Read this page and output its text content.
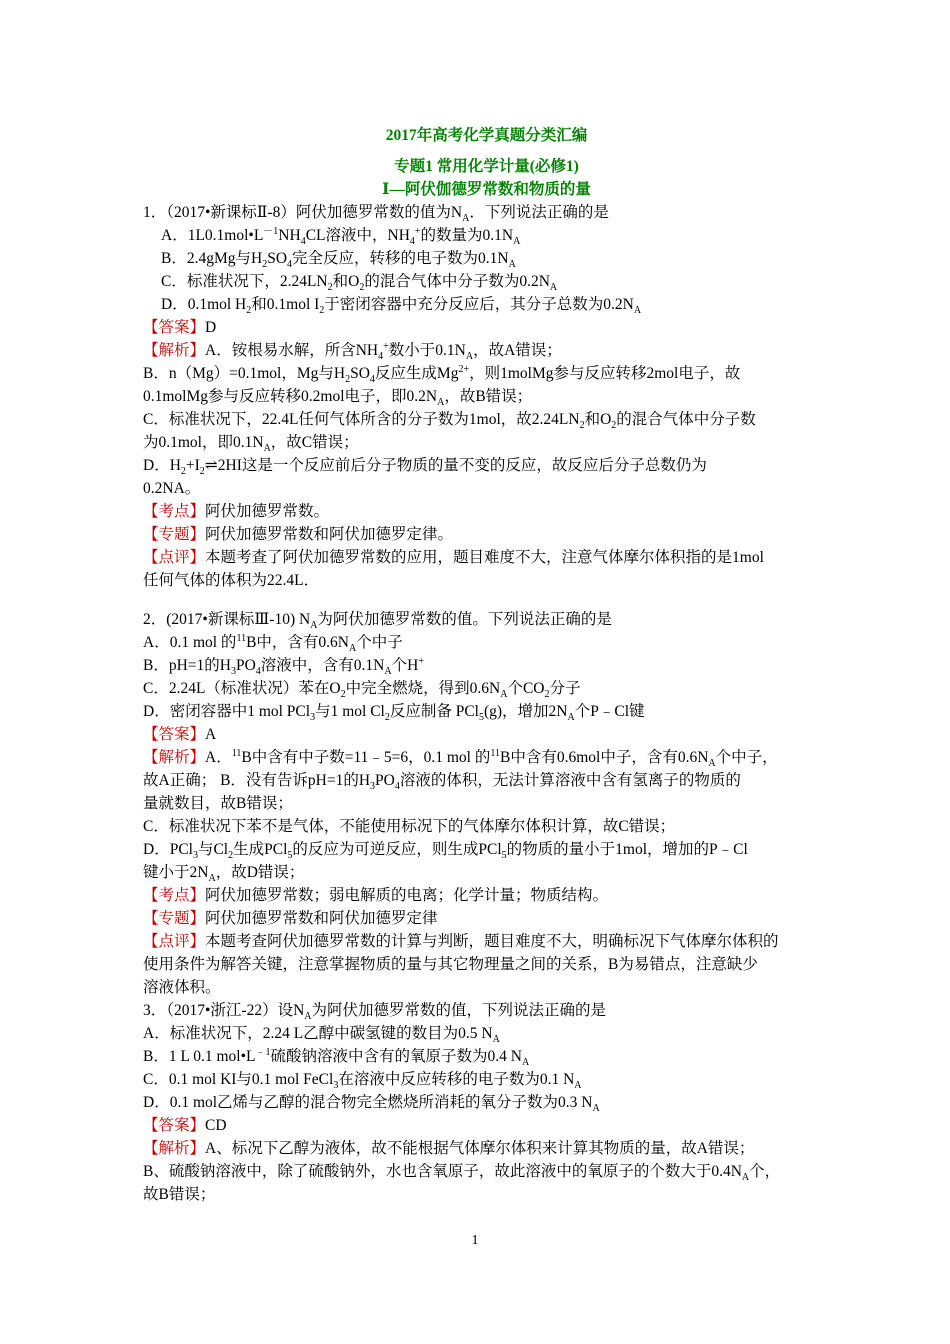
2017年高考化学真题分类汇编
专题1 常用化学计量(必修1)
Ⅰ—阿伏伽德罗常数和物质的量
1．（2017•新课标Ⅱ-8）阿伏加德罗常数的值为$N_A$．下列说法正确的是
A．$1L0.1mol•L^{-1}NH_4CL$溶液中，$NH_4^+$的数量为$0.1N_A$
B．2.4gMg与$H_2SO_4$完全反应，转移的电子数为$0.1N_A$
C．标准状况下，$2.24LN_2$和$O_2$的混合气体中分子数为$0.2N_A$
D．0.1mol $H_2$和0.1mol $I_2$于密闭容器中充分反应后，其分子总数为$0.2N_A$
【答案】D
【解析】A．铵根易水解，所含$NH_4^+$数小于$0.1N_A$，故A错误；
B．n（Mg）=0.1mol，Mg与$H_2SO_4$反应生成$Mg^{2+}$，则1molMg参与反应转移2mol电子，故
0.1molMg参与反应转移0.2mol电子，即$0.2N_A$，故B错误；
C．标准状况下，22.4L任何气体所含的分子数为1mol，故$2.24LN_2$和$O_2$的混合气体中分子数
为0.1mol，即$0.1N_A$，故C错误；
D．$H_2+I_2\rightleftharpoons 2HI$这是一个反应前后分子物质的量不变的反应，故反应后分子总数仍为
0.2NA。
【考点】阿伏加德罗常数。
【专题】阿伏加德罗常数和阿伏加德罗定律。
【点评】本题考查了阿伏加德罗常数的应用，题目难度不大，注意气体摩尔体积指的是1mol
任何气体的体积为22.4L．
2．(2017•新课标Ⅲ-10) $N_A$为阿伏加德罗常数的值。下列说法正确的是
A．0.1 mol 的$^{11}$B中，含有$0.6N_A$个中子
B．pH=1的$H_3PO_4$溶液中，含有$0.1N_A$个H+
C．2.24L（标准状况）苯在$O_2$中完全燃烧，得到$0.6N_A$个$CO_2$分子
D．密闭容器中1 mol PCl$_3$与1 mol $Cl_2$反应制备 PCl$_5$(g)，增加$2N_A$个P﹣Cl键
【答案】A
【解析】A．$^{11}$B中含有中子数=11﹣5=6，0.1 mol 的$^{11}$B中含有0.6mol中子，含有$0.6N_A$个中子，
故A正确； B．没有告诉pH=1的$H_3PO_4$溶液的体积，无法计算溶液中含有氢离子的物质的
量就数目，故B错误；
C．标准状况下苯不是气体，不能使用标况下的气体摩尔体积计算，故C错误；
D．PCl$_3$与$Cl_2$生成PCl$_5$的反应为可逆反应，则生成PCl$_5$的物质的量小于1mol，增加的P﹣Cl
键小于$2N_A$，故D错误；
【考点】阿伏加德罗常数；弱电解质的电离；化学计量；物质结构。
【专题】阿伏加德罗常数和阿伏加德罗定律
【点评】本题考查阿伏加德罗常数的计算与判断，题目难度不大，明确标况下气体摩尔体积的
使用条件为解答关键，注意掌握物质的量与其它物理量之间的关系，B为易错点，注意缺少
溶液体积。
3．（2017•浙江-22）设$N_A$为阿伏加德罗常数的值，下列说法正确的是
A．标准状况下，2.24 L乙醇中碳氢键的数目为0.5 $N_A$
B．1 L 0.1 $mol•L^{﹣1}$硫酸钠溶液中含有的氧原子数为0.4 $N_A$
C．0.1 mol KI与0.1 mol FeCl$_3$在溶液中反应转移的电子数为0.1 $N_A$
D．0.1 mol乙烯与乙醇的混合物完全燃烧所消耗的氧分子数为0.3 $N_A$
【答案】CD
【解析】A、标况下乙醇为液体，故不能根据气体摩尔体积来计算其物质的量，故A错误；
B、硫酸钠溶液中，除了硫酸钠外，水也含氧原子，故此溶液中的氧原子的个数大于$0.4N_A$个，
故B错误；
1
